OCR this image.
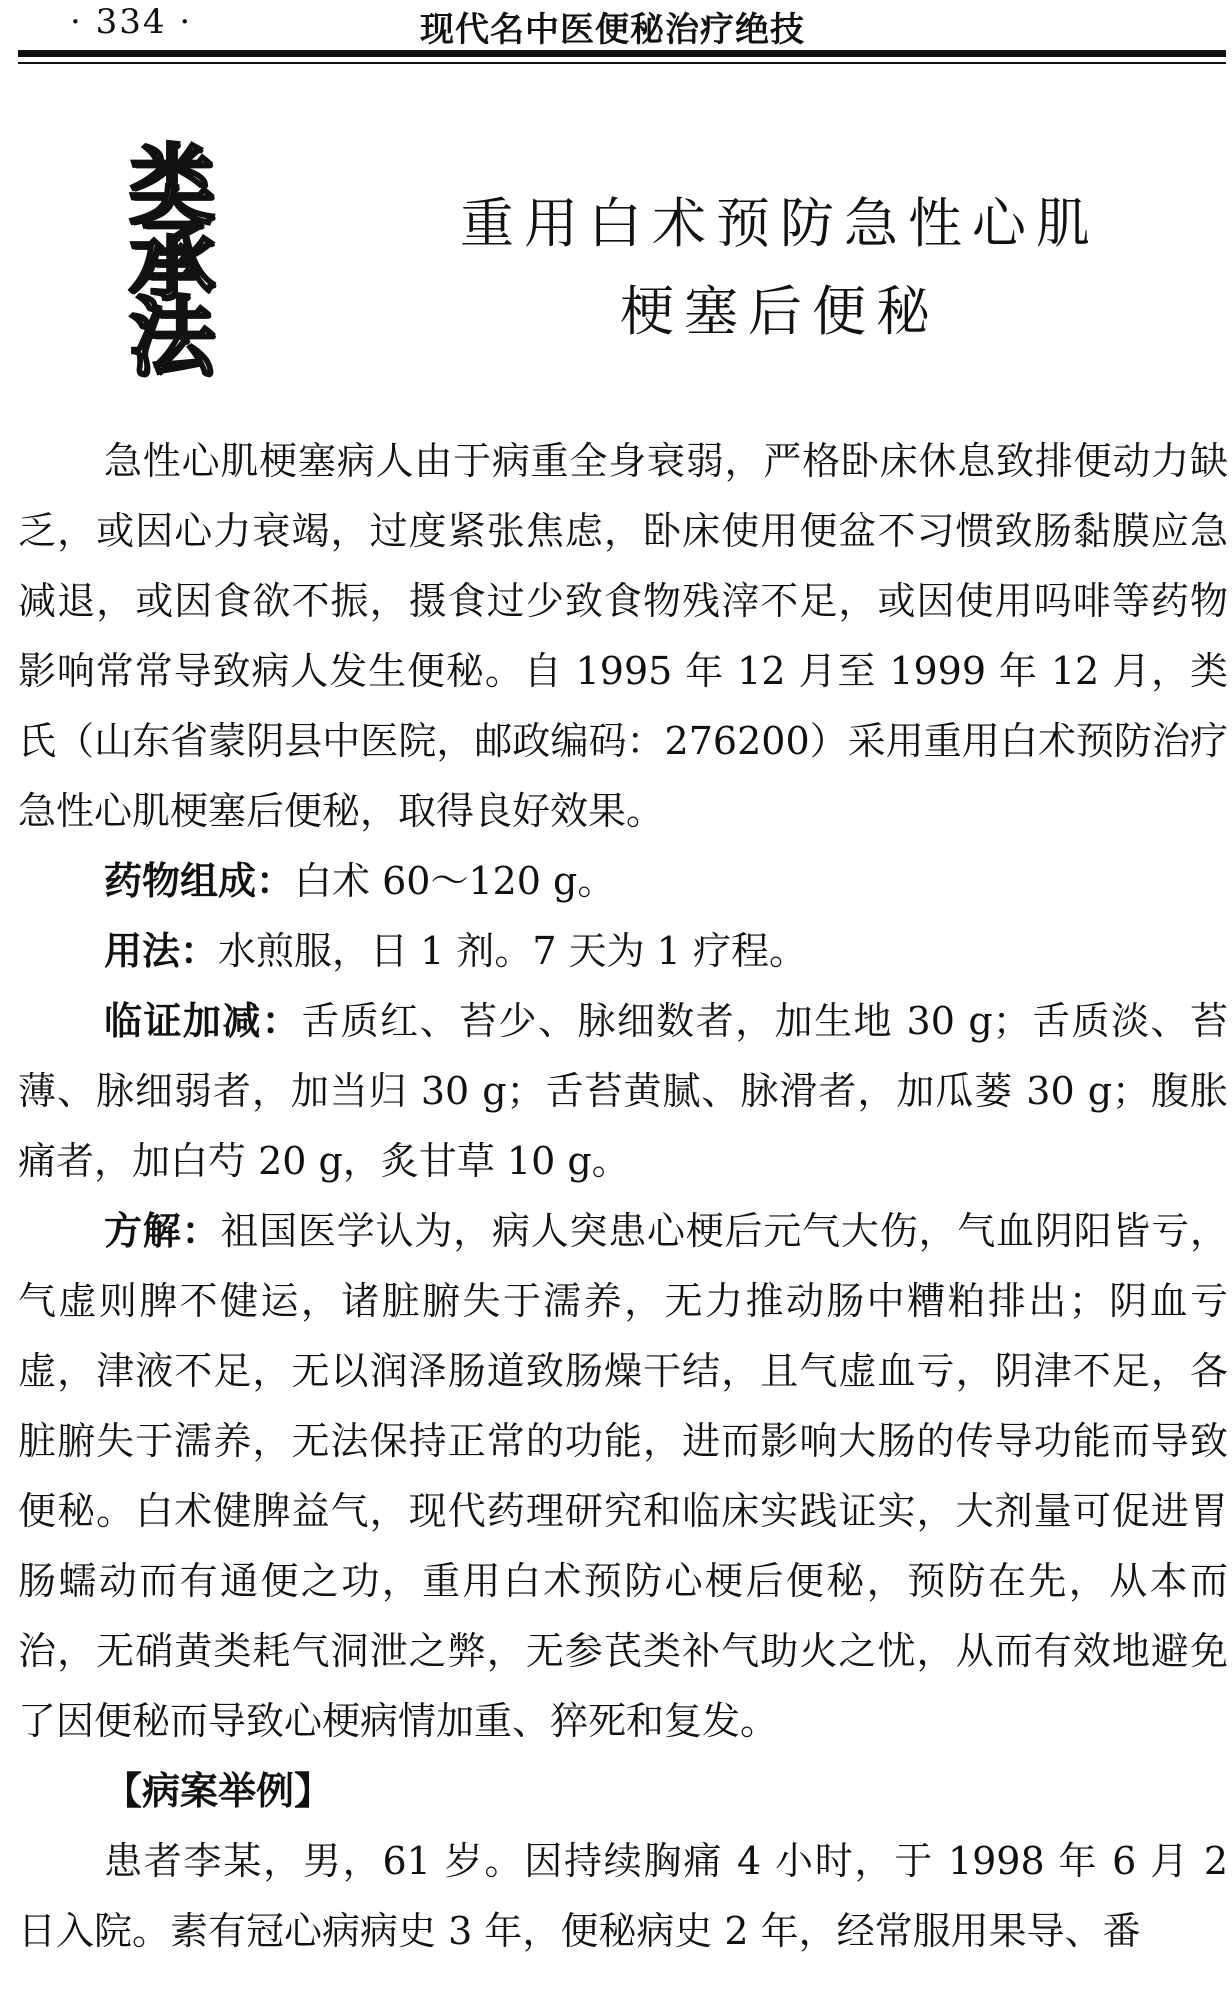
· 334 ·	现代名中医便秘治疗绝技
类
承
法
重用白术预防急性心肌
梗塞后便秘

急性心肌梗塞病人由于病重全身衰弱，严格卧床休息致排便动力缺乏，或因心力衰竭，过度紧张焦虑，卧床使用便盆不习惯致肠黏膜应急减退，或因食欲不振，摄食过少致食物残滓不足，或因使用吗啡等药物影响常常导致病人发生便秘。自 1995 年 12 月至 1999 年 12 月，类氏（山东省蒙阴县中医院，邮政编码：276200）采用重用白术预防治疗急性心肌梗塞后便秘，取得良好效果。

药物组成：白术 60～120 g。

用法：水煎服，日 1 剂。7 天为 1 疗程。

临证加减：舌质红、苔少、脉细数者，加生地 30 g；舌质淡、苔薄、脉细弱者，加当归 30 g；舌苔黄腻、脉滑者，加瓜蒌 30 g；腹胀痛者，加白芍 20 g，炙甘草 10 g。

方解：祖国医学认为，病人突患心梗后元气大伤，气血阴阳皆亏，气虚则脾不健运，诸脏腑失于濡养，无力推动肠中糟粕排出；阴血亏虚，津液不足，无以润泽肠道致肠燥干结，且气虚血亏，阴津不足，各脏腑失于濡养，无法保持正常的功能，进而影响大肠的传导功能而导致便秘。白术健脾益气，现代药理研究和临床实践证实，大剂量可促进胃肠蠕动而有通便之功，重用白术预防心梗后便秘，预防在先，从本而治，无硝黄类耗气洞泄之弊，无参芪类补气助火之忧，从而有效地避免了因便秘而导致心梗病情加重、猝死和复发。

【病案举例】

患者李某，男，61 岁。因持续胸痛 4 小时，于 1998 年 6 月 2 日入院。素有冠心病病史 3 年，便秘病史 2 年，经常服用果导、番
